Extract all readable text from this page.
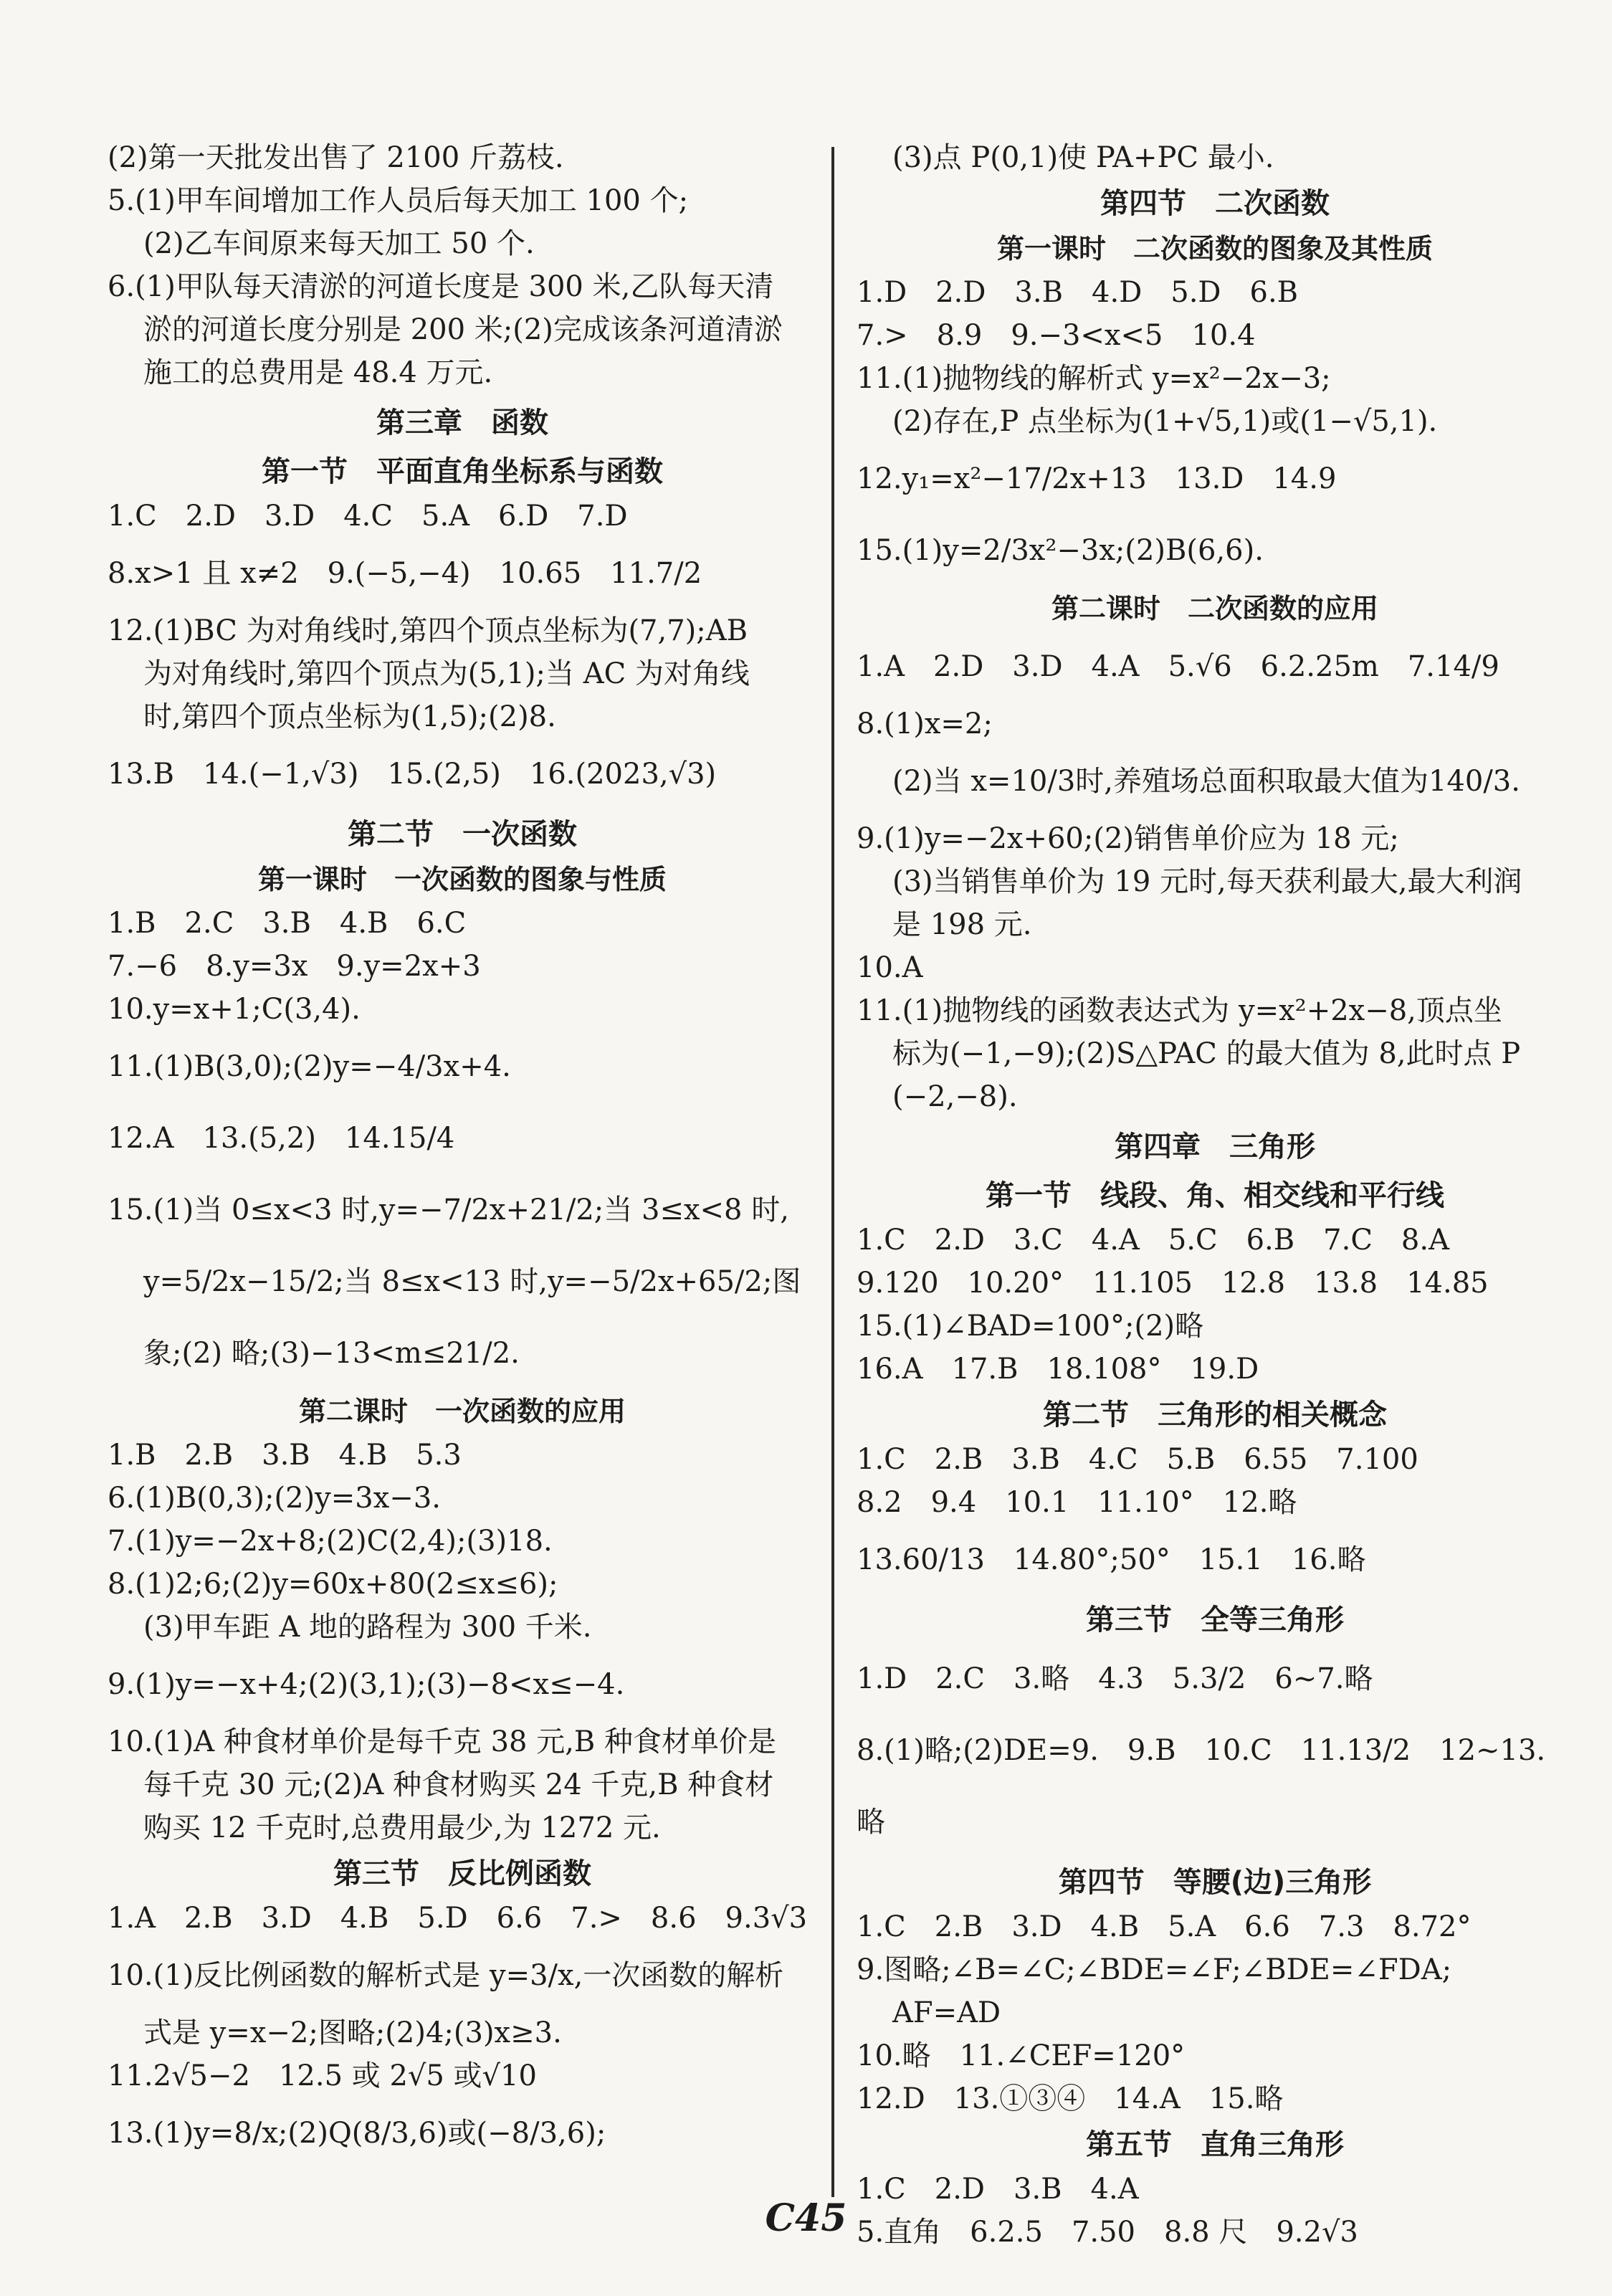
(2)第一天批发出售了 2100 斤荔枝.
5.(1)甲车间增加工作人员后每天加工 100 个;
(2)乙车间原来每天加工 50 个.
6.(1)甲队每天清淤的河道长度是 300 米,乙队每天清
淤的河道长度分别是 200 米;(2)完成该条河道清淤
施工的总费用是 48.4 万元.
第三章　函数
第一节　平面直角坐标系与函数
1.C　2.D　3.D　4.C　5.A　6.D　7.D
8.x>1 且 x≠2　9.(−5,−4)　10.65　11.7/2
12.(1)BC 为对角线时,第四个顶点坐标为(7,7);AB
为对角线时,第四个顶点为(5,1);当 AC 为对角线
时,第四个顶点坐标为(1,5);(2)8.
13.B　14.(−1,√3)　15.(2,5)　16.(2023,√3)
第二节　一次函数
第一课时　一次函数的图象与性质
1.B　2.C　3.B　4.B　6.C
7.−6　8.y=3x　9.y=2x+3
10.y=x+1;C(3,4).
11.(1)B(3,0);(2)y=−4/3x+4.
12.A　13.(5,2)　14.15/4
15.(1)当 0≤x<3 时,y=−7/2x+21/2;当 3≤x<8 时,
y=5/2x−15/2;当 8≤x<13 时,y=−5/2x+65/2;图
象;(2) 略;(3)−13<m≤21/2.
第二课时　一次函数的应用
1.B　2.B　3.B　4.B　5.3
6.(1)B(0,3);(2)y=3x−3.
7.(1)y=−2x+8;(2)C(2,4);(3)18.
8.(1)2;6;(2)y=60x+80(2≤x≤6);
(3)甲车距 A 地的路程为 300 千米.
9.(1)y=−x+4;(2)(3,1);(3)−8<x≤−4.
10.(1)A 种食材单价是每千克 38 元,B 种食材单价是
每千克 30 元;(2)A 种食材购买 24 千克,B 种食材
购买 12 千克时,总费用最少,为 1272 元.
第三节　反比例函数
1.A　2.B　3.D　4.B　5.D　6.6　7.>　8.6　9.3√3
10.(1)反比例函数的解析式是 y=3/x,一次函数的解析
式是 y=x−2;图略;(2)4;(3)x≥3.
11.2√5−2　12.5 或 2√5 或√10
13.(1)y=8/x;(2)Q(8/3,6)或(−8/3,6);
(3)点 P(0,1)使 PA+PC 最小.
第四节　二次函数
第一课时　二次函数的图象及其性质
1.D　2.D　3.B　4.D　5.D　6.B
7.>　8.9　9.−3<x<5　10.4
11.(1)抛物线的解析式 y=x²−2x−3;
(2)存在,P 点坐标为(1+√5,1)或(1−√5,1).
12.y₁=x²−17/2x+13　13.D　14.9
15.(1)y=2/3x²−3x;(2)B(6,6).
第二课时　二次函数的应用
1.A　2.D　3.D　4.A　5.√6　6.2.25m　7.14/9
8.(1)x=2;
(2)当 x=10/3时,养殖场总面积取最大值为140/3.
9.(1)y=−2x+60;(2)销售单价应为 18 元;
(3)当销售单价为 19 元时,每天获利最大,最大利润
是 198 元.
10.A
11.(1)抛物线的函数表达式为 y=x²+2x−8,顶点坐
标为(−1,−9);(2)S△PAC 的最大值为 8,此时点 P
(−2,−8).
第四章　三角形
第一节　线段、角、相交线和平行线
1.C　2.D　3.C　4.A　5.C　6.B　7.C　8.A
9.120　10.20°　11.105　12.8　13.8　14.85
15.(1)∠BAD=100°;(2)略
16.A　17.B　18.108°　19.D
第二节　三角形的相关概念
1.C　2.B　3.B　4.C　5.B　6.55　7.100
8.2　9.4　10.1　11.10°　12.略
13.60/13　14.80°;50°　15.1　16.略
第三节　全等三角形
1.D　2.C　3.略　4.3　5.3/2　6~7.略
8.(1)略;(2)DE=9.　9.B　10.C　11.13/2　12~13.略
第四节　等腰(边)三角形
1.C　2.B　3.D　4.B　5.A　6.6　7.3　8.72°
9.图略;∠B=∠C;∠BDE=∠F;∠BDE=∠FDA;
AF=AD
10.略　11.∠CEF=120°
12.D　13.①③④　14.A　15.略
第五节　直角三角形
1.C　2.D　3.B　4.A
5.直角　6.2.5　7.50　8.8 尺　9.2√3
C45
